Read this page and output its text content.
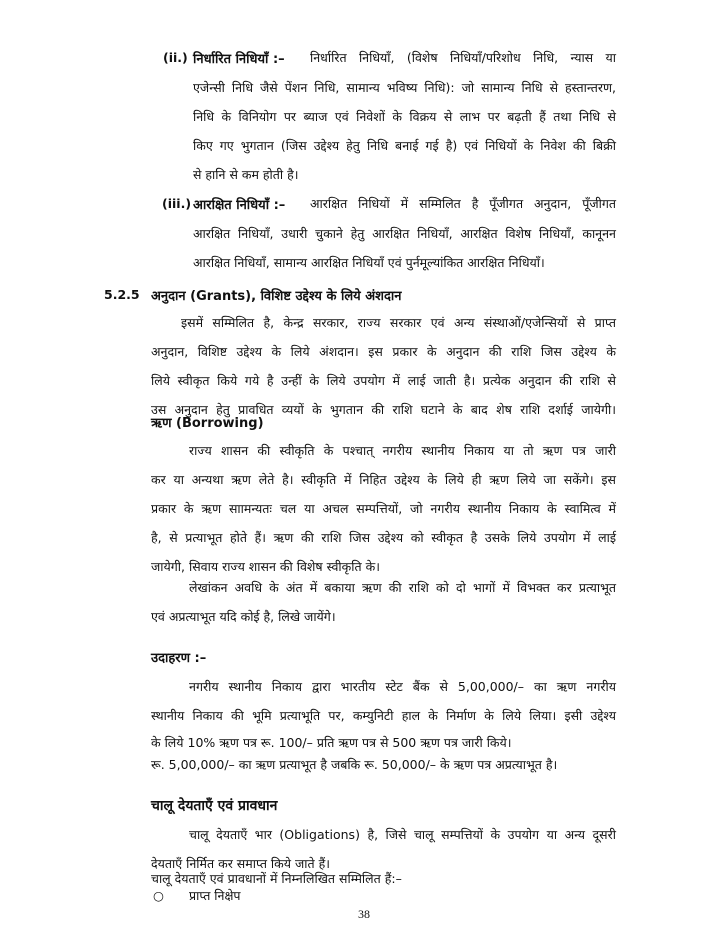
(ii.) निर्धारित निधियाँ :– निर्धारित निधियाँ, (विशेष निधियाँ/परिशोध निधि, न्यास या
एजेन्सी निधि जैसे पेंशन निधि, सामान्य भविष्य निधि): जो सामान्य निधि से हस्तान्तरण,
निधि के विनियोग पर ब्याज एवं निवेशों के विक्रय से लाभ पर बढ़ती हैं तथा निधि से
किए गए भुगतान (जिस उद्देश्य हेतु निधि बनाई गई है) एवं निधियों के निवेश की बिक्री
से हानि से कम होती है।
(iii.) आरक्षित निधियाँ :– आरक्षित निधियों में सम्मिलित है पूँजीगत अनुदान, पूँजीगत
आरक्षित निधियाँ, उधारी चुकाने हेतु आरक्षित निधियाँ, आरक्षित विशेष निधियाँ, कानूनन
आरक्षित निधियाँ, सामान्य आरक्षित निधियाँ एवं पुर्नमूल्यांकित आरक्षित निधियाँ।
5.2.5 अनुदान (Grants), विशिष्ट उद्देश्य के लिये अंशदान
इसमें सम्मिलित है, केन्द्र सरकार, राज्य सरकार एवं अन्य संस्थाओं/एजेन्सियों से प्राप्त
अनुदान, विशिष्ट उद्देश्य के लिये अंशदान। इस प्रकार के अनुदान की राशि जिस उद्देश्य के
लिये स्वीकृत किये गये है उन्हीं के लिये उपयोग में लाई जाती है। प्रत्येक अनुदान की राशि से
उस अनुदान हेतु प्रावधित व्ययों के भुगतान की राशि घटाने के बाद शेष राशि दर्शाई जायेगी।
ऋण (Borrowing)
राज्य शासन की स्वीकृति के पश्चात् नगरीय स्थानीय निकाय या तो ऋण पत्र जारी
कर या अन्यथा ऋण लेते है। स्वीकृति में निहित उद्देश्य के लिये ही ऋण लिये जा सकेंगे। इस
प्रकार के ऋण साामन्यतः चल या अचल सम्पत्तियों, जो नगरीय स्थानीय निकाय के स्वामित्व में
है, से प्रत्याभूत होते हैं। ऋण की राशि जिस उद्देश्य को स्वीकृत है उसके लिये उपयोग में लाई
जायेगी, सिवाय राज्य शासन की विशेष स्वीकृति के।
लेखांकन अवधि के अंत में बकाया ऋण की राशि को दो भागों में विभक्त कर प्रत्याभूत
एवं अप्रत्याभूत यदि कोई है, लिखे जायेंगे।
उदाहरण :–
नगरीय स्थानीय निकाय द्वारा भारतीय स्टेट बैंक से 5,00,000/– का ऋण नगरीय
स्थानीय निकाय की भूमि प्रत्याभूति पर, कम्युनिटी हाल के निर्माण के लिये लिया। इसी उद्देश्य
के लिये 10% ऋण पत्र रू. 100/– प्रति ऋण पत्र से 500 ऋण पत्र जारी किये।
रू. 5,00,000/– का ऋण प्रत्याभूत है जबकि रू. 50,000/– के ऋण पत्र अप्रत्याभूत है।
चालू देयताएँ एवं प्रावधान
चालू देयताएँ भार (Obligations) है, जिसे चालू सम्पत्तियों के उपयोग या अन्य दूसरी
देयताएँ निर्मित कर समाप्त किये जाते हैं।
चालू देयताएँ एवं प्रावधानों में निम्नलिखित सम्मिलित हैं:–
○ प्राप्त निक्षेप
38
